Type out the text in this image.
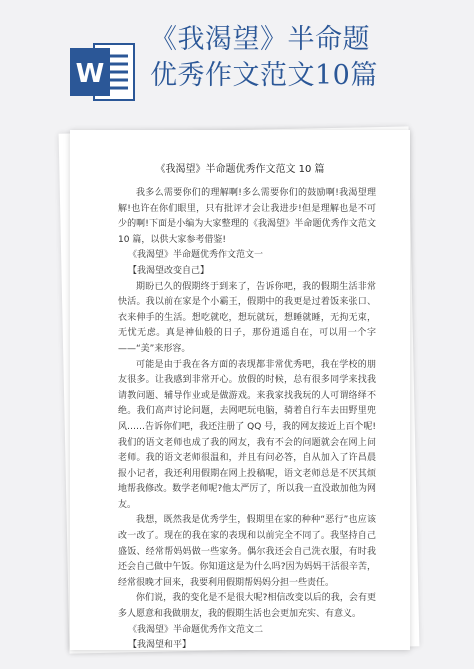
W
《我渴望》半命题
优秀作文范文10篇
《我渴望》半命题优秀作文范文 10 篇

我多么需要你们的理解啊!多么需要你们的鼓励啊!我渴望理解!也许在你们眼里，只有批评才会让我进步!但是理解也是不可少的啊!下面是小编为大家整理的《我渴望》半命题优秀作文范文 10 篇，以供大家参考借鉴!

《我渴望》半命题优秀作文范文一

【我渴望改变自己】

期盼已久的假期终于到来了，告诉你吧，我的假期生活非常快活。我以前在家是个小霸王，假期中的我更是过着饭来张口、衣来伸手的生活。想吃就吃，想玩就玩，想睡就睡，无拘无束，无忧无虑。真是神仙般的日子，那份逍遥自在，可以用一个字——“美”来形容。

可能是由于我在各方面的表现都非常优秀吧，我在学校的朋友很多。让我感到非常开心。放假的时候，总有很多同学来找我请教问题、辅导作业或是做游戏。来我家找我玩的人可谓络绎不绝。我们高声讨论问题，去网吧玩电脑，骑着自行车去田野里兜风……告诉你们吧，我还注册了 QQ 号，我的网友接近上百个呢!我们的语文老师也成了我的网友，我有不会的问题就会在网上问老师。我的语文老师很温和，并且有问必答，自从加入了许昌晨报小记者，我还利用假期在网上投稿呢，语文老师总是不厌其烦地帮我修改。数学老师呢?他太严厉了，所以我一直没敢加他为网友。

我想，既然我是优秀学生，假期里在家的种种“恶行”也应该改一改了。现在的我在家的表现和以前完全不同了。我坚持自己盛饭、经常帮妈妈做一些家务。偶尔我还会自己洗衣服，有时我还会自己做中午饭。你知道这是为什么吗?因为妈妈干活很辛苦，经常很晚才回来，我要利用假期帮妈妈分担一些责任。

你们说，我的变化是不是很大呢?相信改变以后的我，会有更多人愿意和我做朋友，我的假期生活也会更加充实、有意义。

《我渴望》半命题优秀作文范文二

【我渴望和平】
